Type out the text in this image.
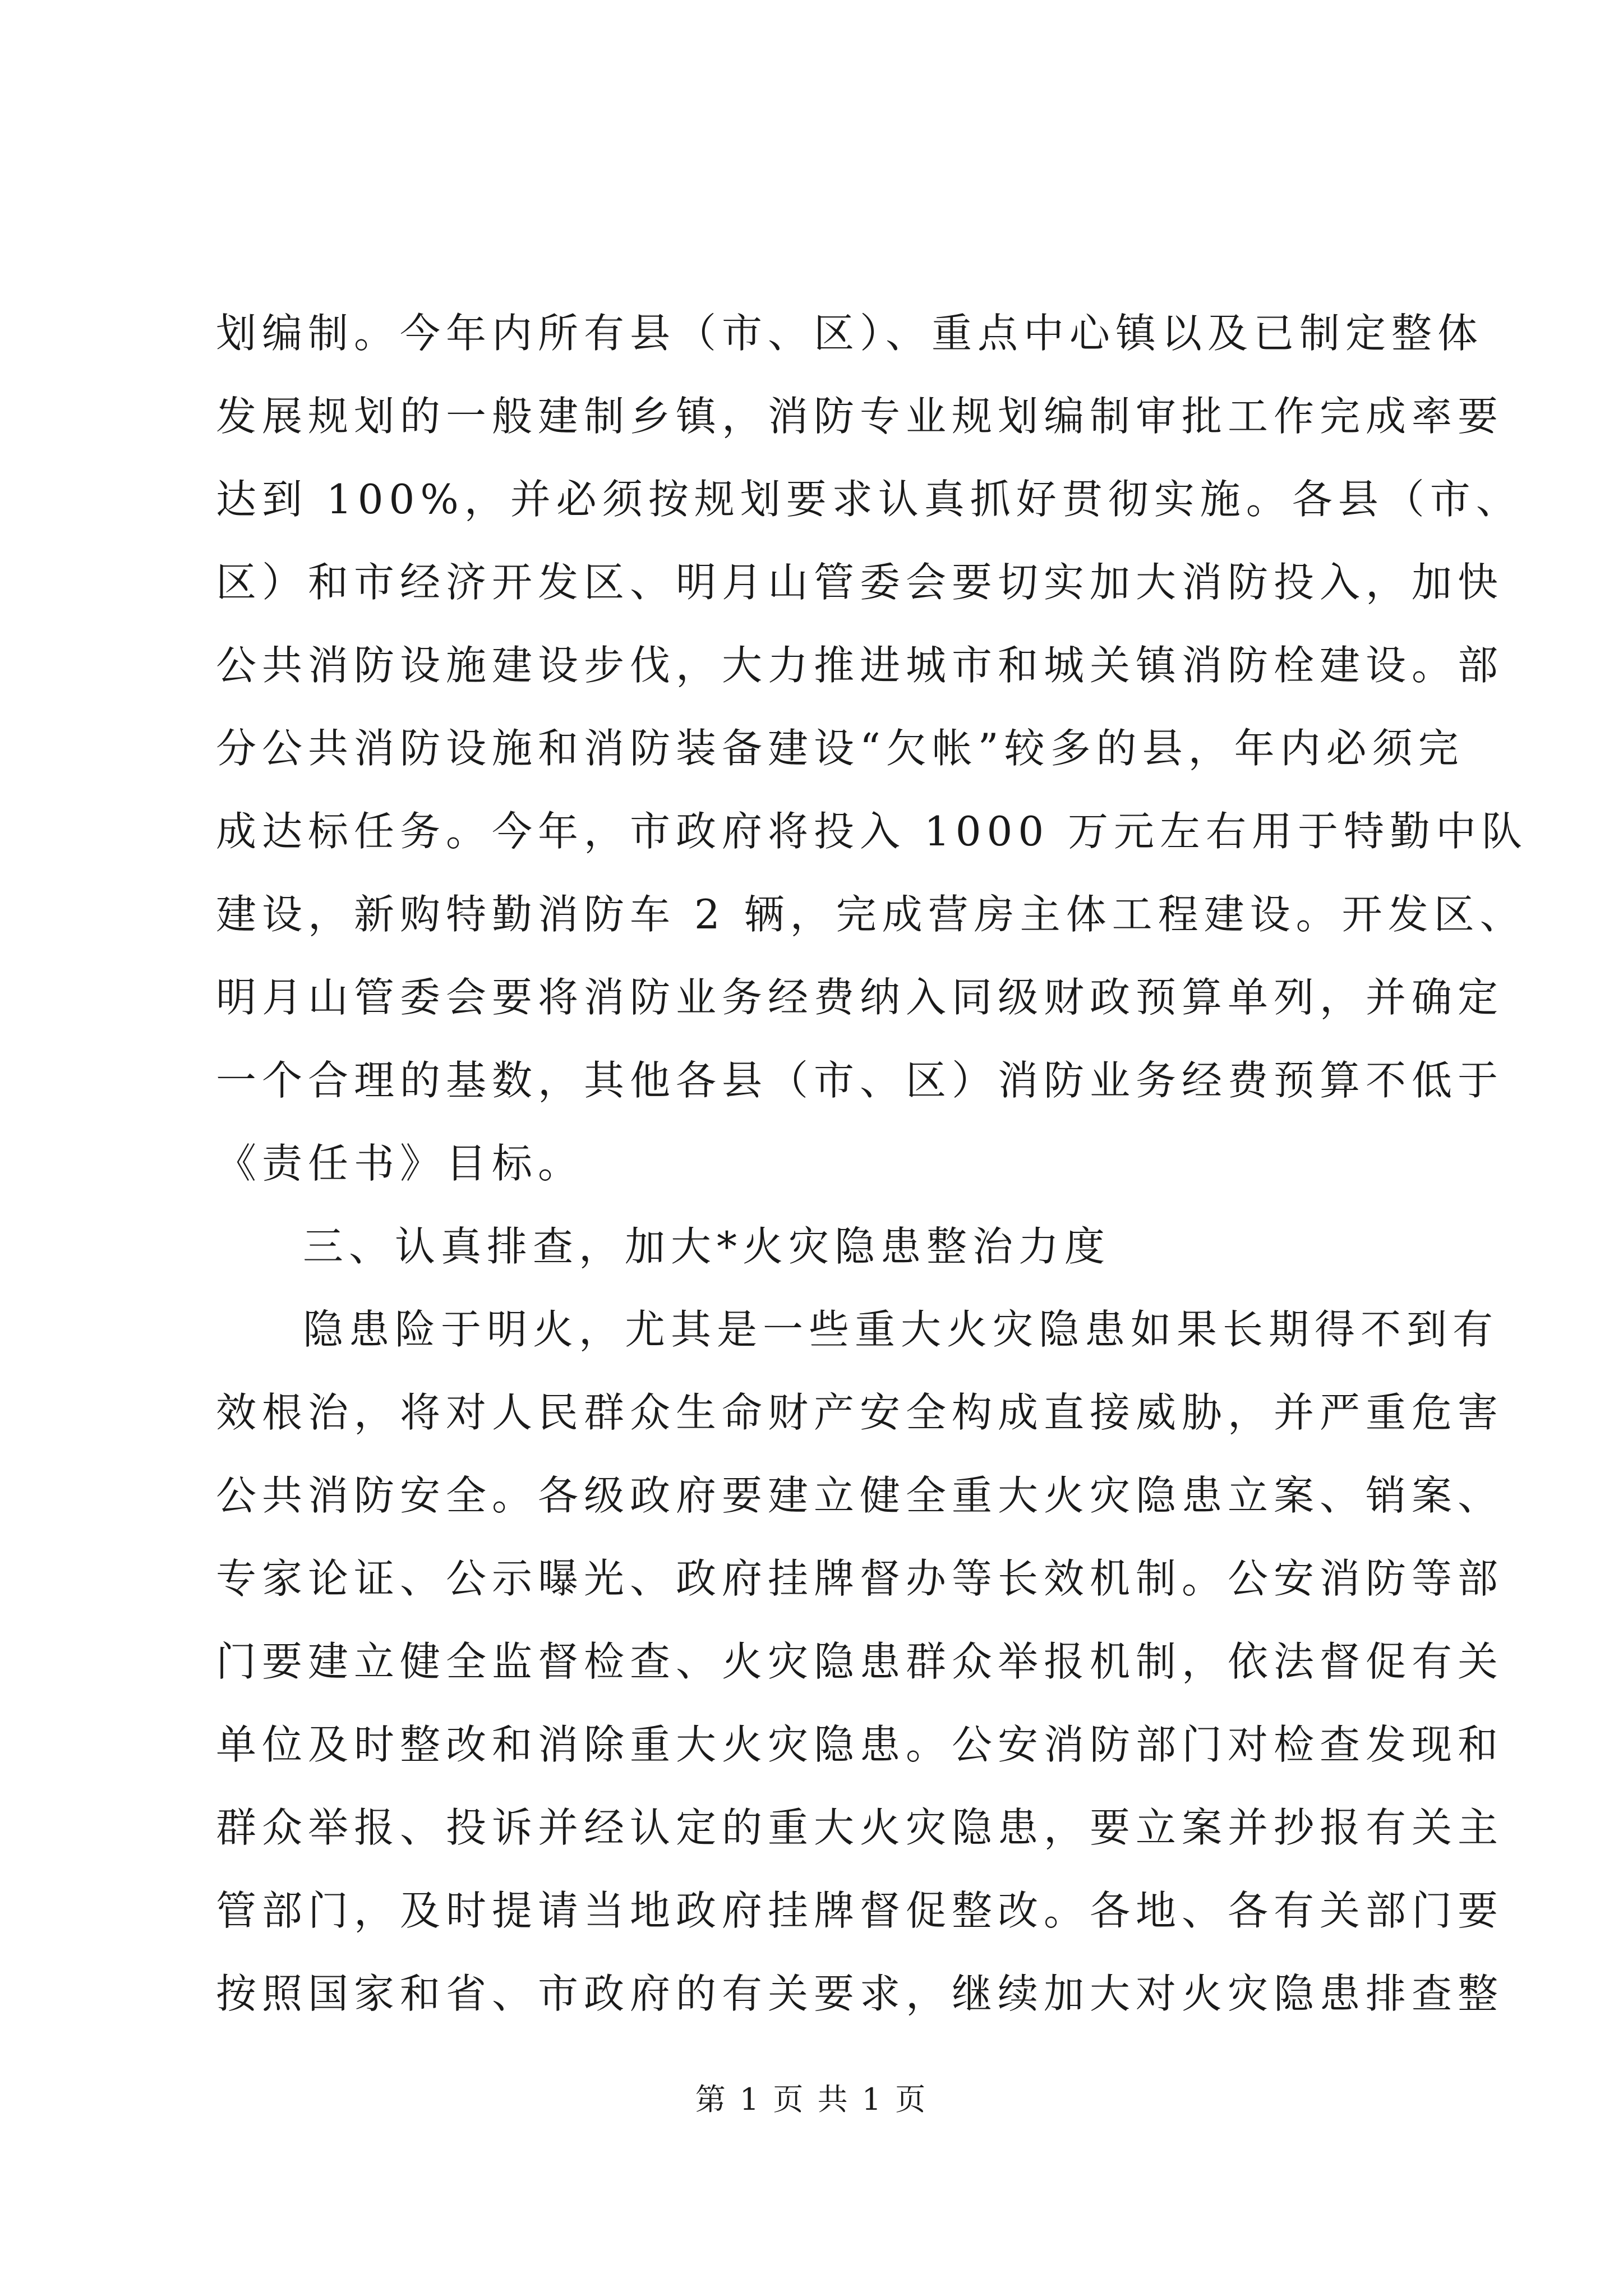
划编制。今年内所有县（市、区）、重点中心镇以及已制定整体
发展规划的一般建制乡镇，消防专业规划编制审批工作完成率要
达到 100%，并必须按规划要求认真抓好贯彻实施。各县（市、
区）和市经济开发区、明月山管委会要切实加大消防投入，加快
公共消防设施建设步伐，大力推进城市和城关镇消防栓建设。部
分公共消防设施和消防装备建设“欠帐”较多的县，年内必须完
成达标任务。今年，市政府将投入 1000 万元左右用于特勤中队
建设，新购特勤消防车 2 辆，完成营房主体工程建设。开发区、
明月山管委会要将消防业务经费纳入同级财政预算单列，并确定
一个合理的基数，其他各县（市、区）消防业务经费预算不低于
《责任书》目标。
三、认真排查，加大*火灾隐患整治力度
隐患险于明火，尤其是一些重大火灾隐患如果长期得不到有
效根治，将对人民群众生命财产安全构成直接威胁，并严重危害
公共消防安全。各级政府要建立健全重大火灾隐患立案、销案、
专家论证、公示曝光、政府挂牌督办等长效机制。公安消防等部
门要建立健全监督检查、火灾隐患群众举报机制，依法督促有关
单位及时整改和消除重大火灾隐患。公安消防部门对检查发现和
群众举报、投诉并经认定的重大火灾隐患，要立案并抄报有关主
管部门，及时提请当地政府挂牌督促整改。各地、各有关部门要
按照国家和省、市政府的有关要求，继续加大对火灾隐患排查整
第 1 页 共 1 页
